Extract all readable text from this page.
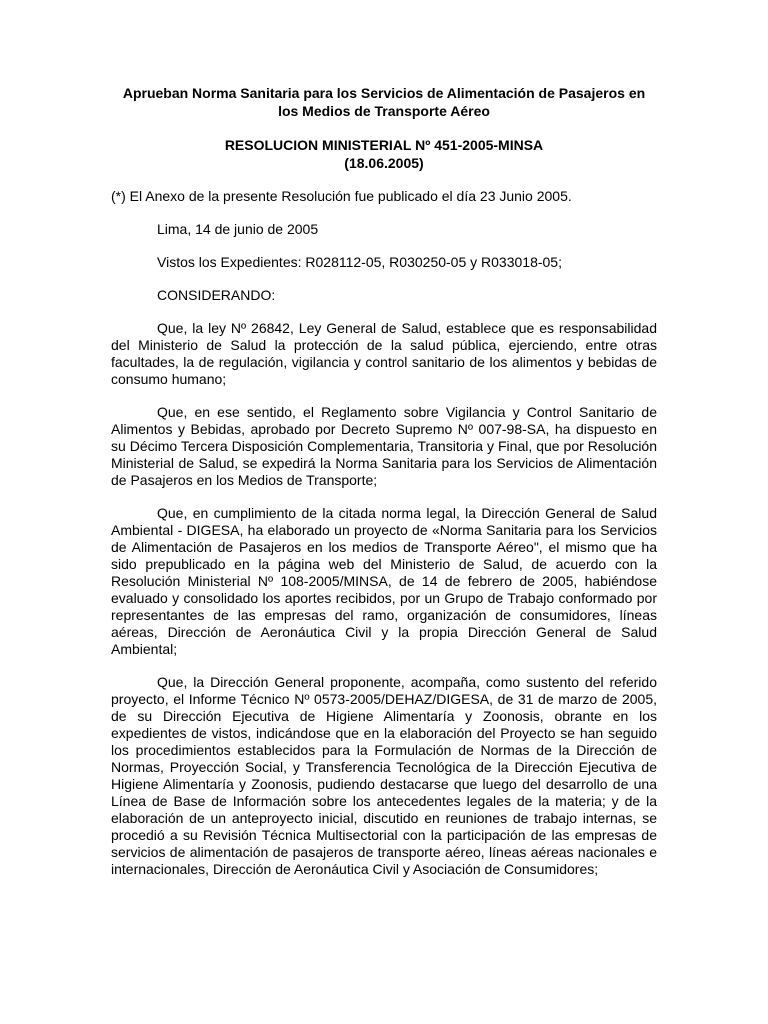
Aprueban Norma Sanitaria para los Servicios de Alimentación de Pasajeros en los Medios de Transporte Aéreo

RESOLUCION MINISTERIAL Nº 451-2005-MINSA
(18.06.2005)

(*) El Anexo de la presente Resolución fue publicado el día 23 Junio 2005.

Lima, 14 de junio de 2005

Vistos los Expedientes: R028112-05, R030250-05 y R033018-05;

CONSIDERANDO:

Que, la ley Nº 26842, Ley General de Salud, establece que es responsabilidad del Ministerio de Salud la protección de la salud pública, ejerciendo, entre otras facultades, la de regulación, vigilancia y control sanitario de los alimentos y bebidas de consumo humano;

Que, en ese sentido, el Reglamento sobre Vigilancia y Control Sanitario de Alimentos y Bebidas, aprobado por Decreto Supremo Nº 007-98-SA, ha dispuesto en su Décimo Tercera Disposición Complementaria, Transitoria y Final, que por Resolución Ministerial de Salud, se expedirá la Norma Sanitaria para los Servicios de Alimentación de Pasajeros en los Medios de Transporte;

Que, en cumplimiento de la citada norma legal, la Dirección General de Salud Ambiental - DIGESA, ha elaborado un proyecto de «Norma Sanitaria para los Servicios de Alimentación de Pasajeros en los medios de Transporte Aéreo", el mismo que ha sido prepublicado en la página web del Ministerio de Salud, de acuerdo con la Resolución Ministerial Nº 108-2005/MINSA, de 14 de febrero de 2005, habiéndose evaluado y consolidado los aportes recibidos, por un Grupo de Trabajo conformado por representantes de las empresas del ramo, organización de consumidores, líneas aéreas, Dirección de Aeronáutica Civil y la propia Dirección General de Salud Ambiental;

Que, la Dirección General proponente, acompaña, como sustento del referido proyecto, el Informe Técnico Nº 0573-2005/DEHAZ/DIGESA, de 31 de marzo de 2005, de su Dirección Ejecutiva de Higiene Alimentaría y Zoonosis, obrante en los expedientes de vistos, indicándose que en la elaboración del Proyecto se han seguido los procedimientos establecidos para la Formulación de Normas de la Dirección de Normas, Proyección Social, y Transferencia Tecnológica de la Dirección Ejecutiva de Higiene Alimentaría y Zoonosis, pudiendo destacarse que luego del desarrollo de una Línea de Base de Información sobre los antecedentes legales de la materia; y de la elaboración de un anteproyecto inicial, discutido en reuniones de trabajo internas, se procedió a su Revisión Técnica Multisectorial con la participación de las empresas de servicios de alimentación de pasajeros de transporte aéreo, líneas aéreas nacionales e internacionales, Dirección de Aeronáutica Civil y Asociación de Consumidores;
